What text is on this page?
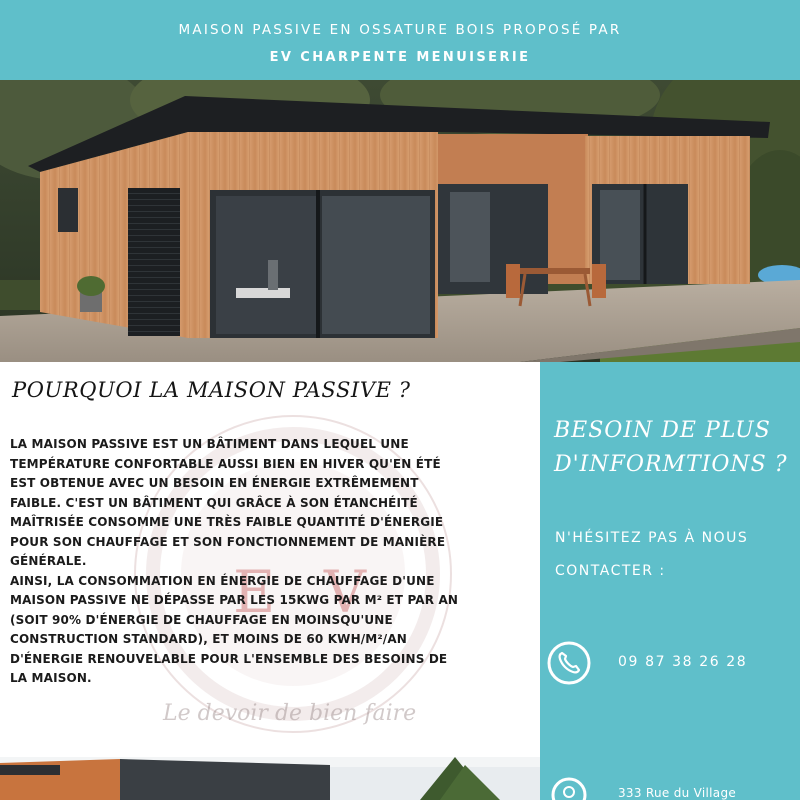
MAISON PASSIVE EN OSSATURE BOIS PROPOSÉ PAR
EV CHARPENTE MENUISERIE
E V
Le devoir de bien faire
POURQUOI LA MAISON PASSIVE ?

LA MAISON PASSIVE EST UN BÂTIMENT DANS LEQUEL UNE
TEMPÉRATURE CONFORTABLE AUSSI BIEN EN HIVER QU'EN ÉTÉ
EST OBTENUE AVEC UN BESOIN EN ÉNERGIE EXTRÊMEMENT
FAIBLE. C'EST UN BÂTIMENT QUI GRÂCE À SON ÉTANCHÉITÉ
MAÎTRISÉE CONSOMME UNE TRÈS FAIBLE QUANTITÉ D'ÉNERGIE
POUR SON CHAUFFAGE ET SON FONCTIONNEMENT DE MANIÈRE
GÉNÉRALE.

AINSI, LA CONSOMMATION EN ÉNERGIE DE CHAUFFAGE D'UNE
MAISON PASSIVE NE DÉPASSE PAR LES 15KWG PAR M² ET PAR AN
(SOIT 90% D'ÉNERGIE DE CHAUFFAGE EN MOINSQU'UNE
CONSTRUCTION STANDARD), ET MOINS DE 60 KWH/M²/AN
D'ÉNERGIE RENOUVELABLE POUR L'ENSEMBLE DES BESOINS DE
LA MAISON.

BESOIN DE PLUS
D'INFORMTIONS ?
N'HÉSITEZ PAS À NOUS
CONTACTER :
09 87 38 26 28
333 Rue du Village
